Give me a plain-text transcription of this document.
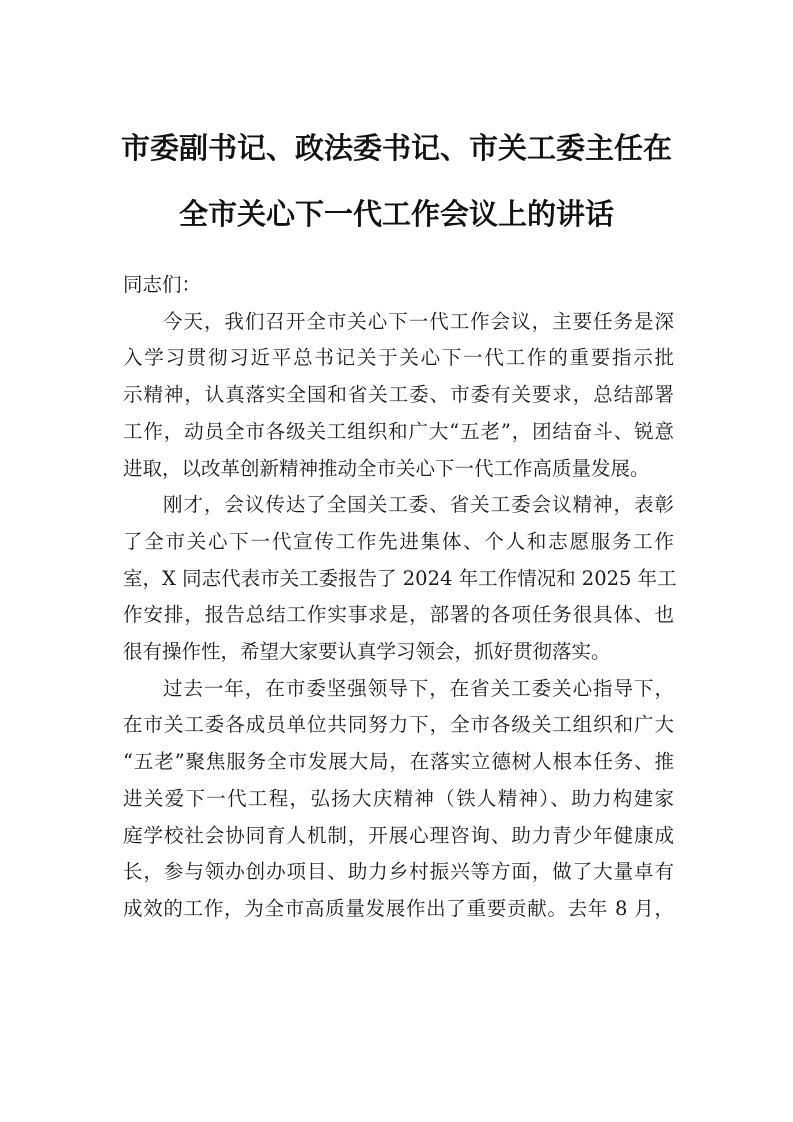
市委副书记、政法委书记、市关工委主任在
全市关心下一代工作会议上的讲话

同志们：

今天，我们召开全市关心下一代工作会议，主要任务是深
入学习贯彻习近平总书记关于关心下一代工作的重要指示批
示精神，认真落实全国和省关工委、市委有关要求，总结部署
工作，动员全市各级关工组织和广大“五老”，团结奋斗、锐意
进取，以改革创新精神推动全市关心下一代工作高质量发展。

刚才，会议传达了全国关工委、省关工委会议精神，表彰
了全市关心下一代宣传工作先进集体、个人和志愿服务工作
室，X 同志代表市关工委报告了 2024 年工作情况和 2025 年工
作安排，报告总结工作实事求是，部署的各项任务很具体、也
很有操作性，希望大家要认真学习领会，抓好贯彻落实。

过去一年，在市委坚强领导下，在省关工委关心指导下，
在市关工委各成员单位共同努力下，全市各级关工组织和广大
“五老”聚焦服务全市发展大局，在落实立德树人根本任务、推
进关爱下一代工程，弘扬大庆精神（铁人精神）、助力构建家
庭学校社会协同育人机制，开展心理咨询、助力青少年健康成
长，参与领办创办项目、助力乡村振兴等方面，做了大量卓有
成效的工作，为全市高质量发展作出了重要贡献。去年 8 月，
